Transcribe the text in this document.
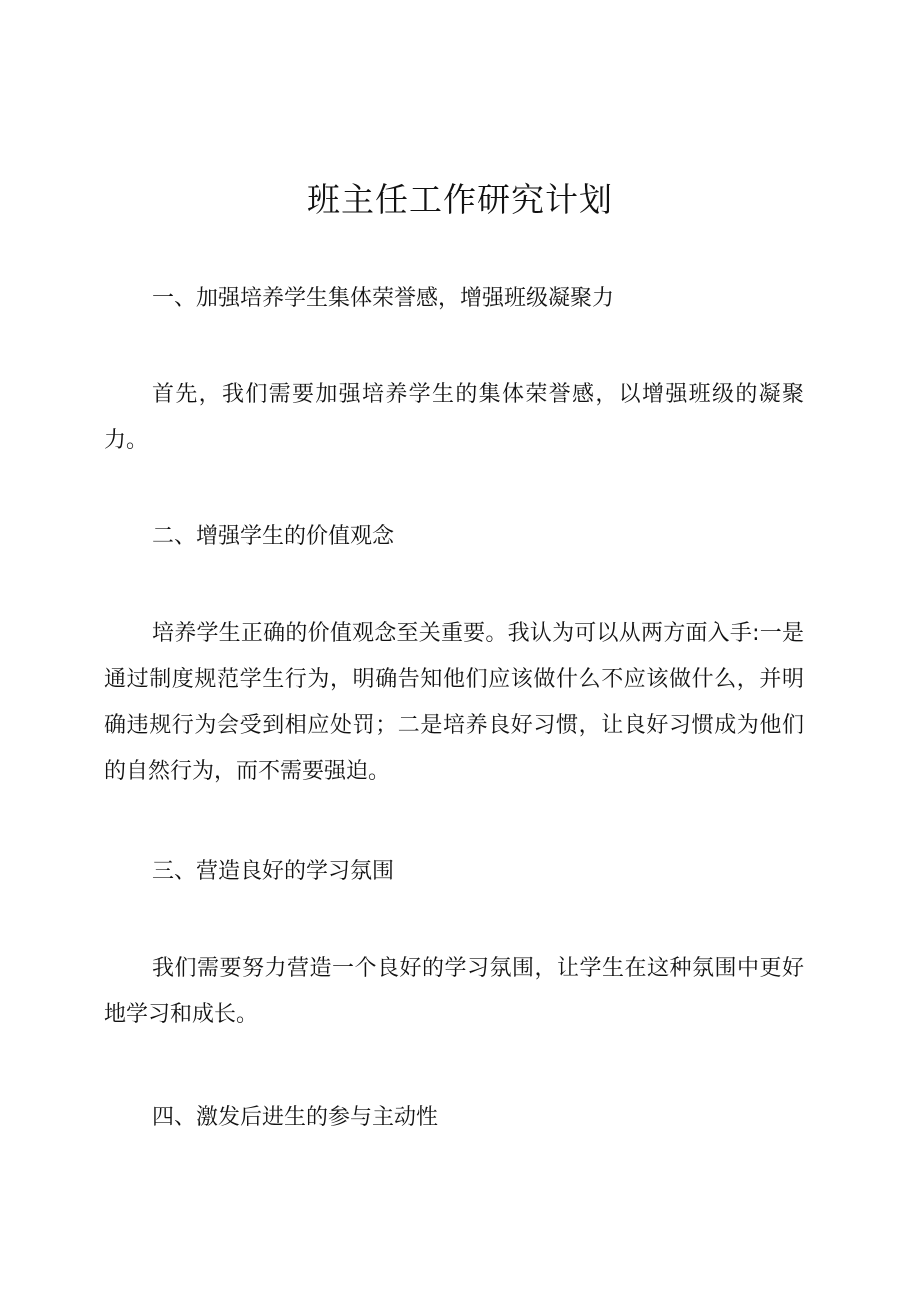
班主任工作研究计划

一、加强培养学生集体荣誉感，增强班级凝聚力

首先，我们需要加强培养学生的集体荣誉感，以增强班级的凝聚力。

二、增强学生的价值观念

培养学生正确的价值观念至关重要。我认为可以从两方面入手:一是通过制度规范学生行为，明确告知他们应该做什么不应该做什么，并明确违规行为会受到相应处罚；二是培养良好习惯，让良好习惯成为他们的自然行为，而不需要强迫。

三、营造良好的学习氛围

我们需要努力营造一个良好的学习氛围，让学生在这种氛围中更好地学习和成长。

四、激发后进生的参与主动性
